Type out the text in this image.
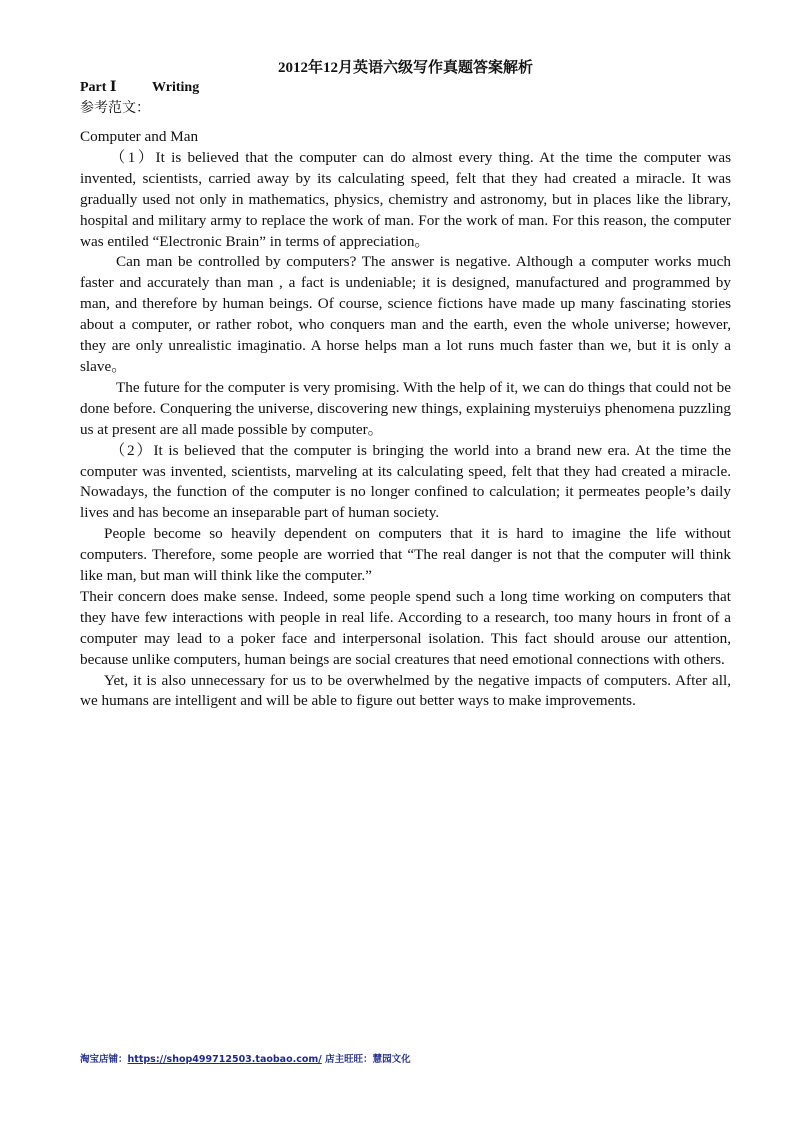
2012年12月英语六级写作真题答案解析
Part Ⅰ	Writing
参考范文：

Computer and Man

（1）It is believed that the computer can do almost every thing. At the time the computer was invented, scientists, carried away by its calculating speed, felt that they had created a miracle. It was gradually used not only in mathematics, physics, chemistry and astronomy, but in places like the library, hospital and military army to replace the work of man. For the work of man. For this reason, the computer was entiled “Electronic Brain” in terms of appreciation。

Can man be controlled by computers? The answer is negative. Although a computer works much faster and accurately than man , a fact is undeniable; it is designed, manufactured and programmed by man, and therefore by human beings. Of course, science fictions have made up many fascinating stories about a computer, or rather robot, who conquers man and the earth, even the whole universe; however, they are only unrealistic imaginatio. A horse helps man a lot runs much faster than we, but it is only a slave。

The future for the computer is very promising. With the help of it, we can do things that could not be done before. Conquering the universe, discovering new things, explaining mysteruiys phenomena puzzling us at present are all made possible by computer。

（2）It is believed that the computer is bringing the world into a brand new era. At the time the computer was invented, scientists, marveling at its calculating speed, felt that they had created a miracle. Nowadays, the function of the computer is no longer confined to calculation; it permeates people’s daily lives and has become an inseparable part of human society.

People become so heavily dependent on computers that it is hard to imagine the life without computers. Therefore, some people are worried that “The real danger is not that the computer will think like man, but man will think like the computer.”

Their concern does make sense. Indeed, some people spend such a long time working on computers that they have few interactions with people in real life. According to a research, too many hours in front of a computer may lead to a poker face and interpersonal isolation. This fact should arouse our attention, because unlike computers, human beings are social creatures that need emotional connections with others.

Yet, it is also unnecessary for us to be overwhelmed by the negative impacts of computers. After all, we humans are intelligent and will be able to figure out better ways to make improvements.

淘宝店铺：https://shop499712503.taobao.com/ 店主旺旺：慧园文化
